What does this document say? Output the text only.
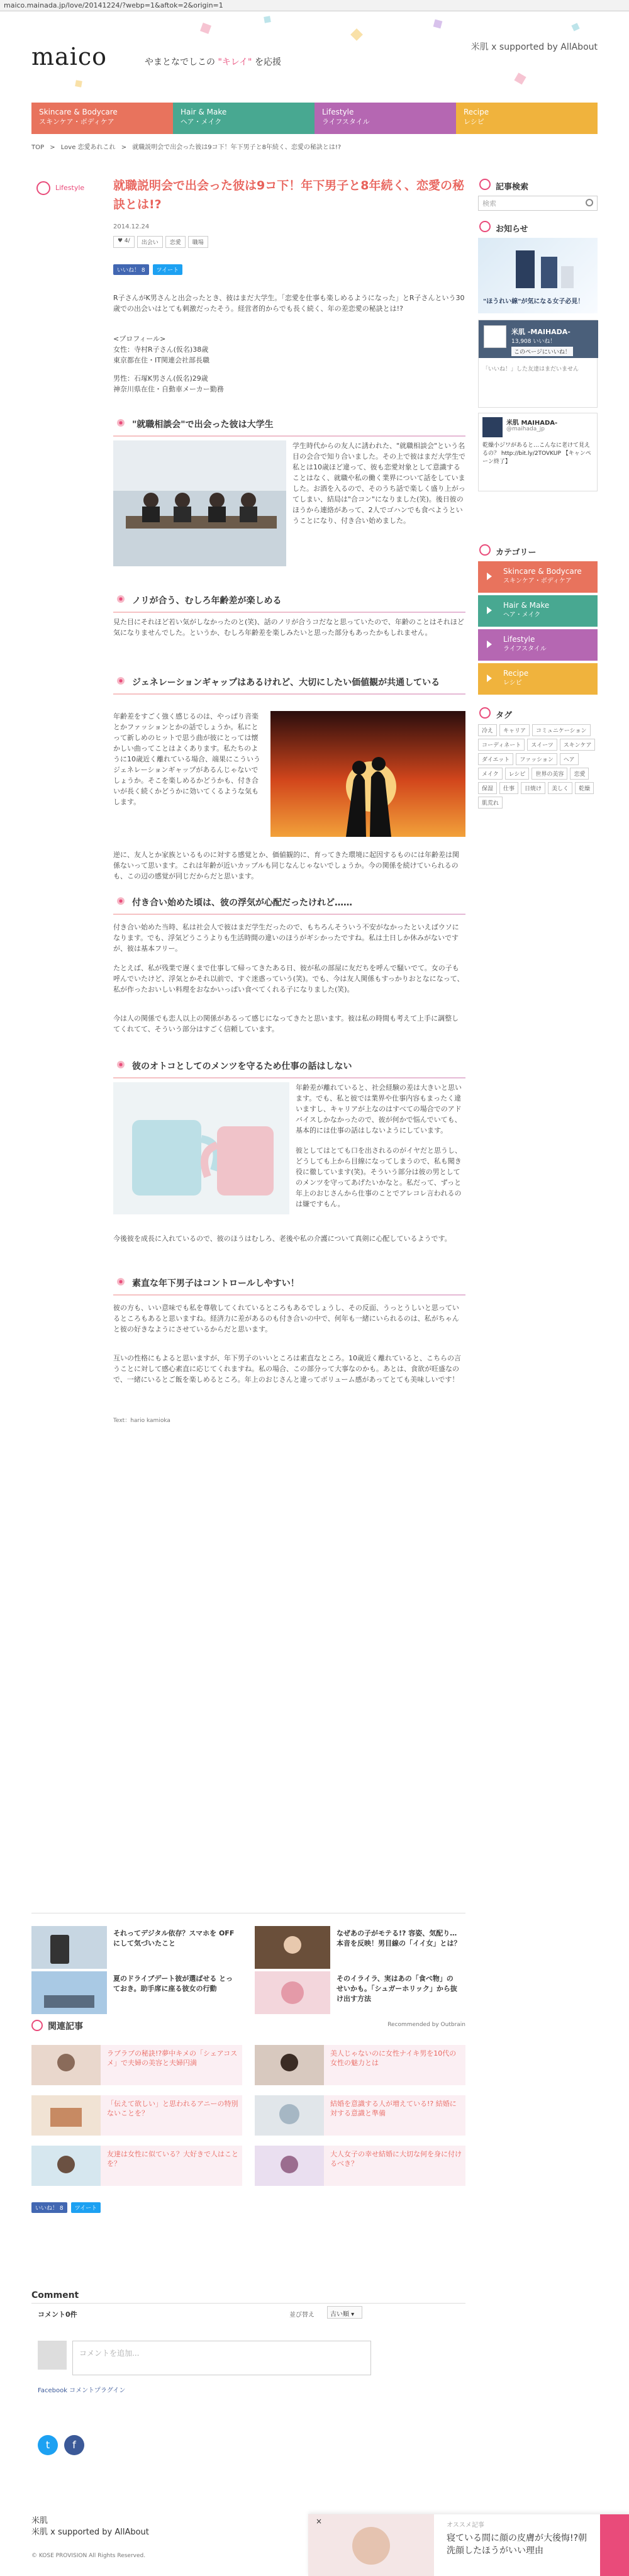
maico.mainada.jp/love/20141224/?webp=1&aftok=2&origin=1
maico	やまとなでしこの "キレイ" を応援
米肌 x supported by AllAbout
Skincare & Bodycare
スキンケア・ボディケア
Hair & Make
ヘア・メイク
Lifestyle
ライフスタイル
Recipe
レシピ
TOP > Love 恋愛あれこれ > 就職説明会で出会った彼は9コ下！年下男子と8年続く、恋愛の秘訣とは!?
Lifestyle 就職説明会で出会った彼は9コ下！年下男子と8年続く、恋愛の秘訣とは!?
2014.12.24
♥ 4/	出会い	恋愛	職場
いいね！ 8	ツイート
R子さんがK男さんと出会ったとき、彼はまだ大学生。「恋愛を仕事も楽しめるようになった」とR子さんという30歳での出会いはとても刺激だったそう。経営者的からでも長く続く、年の差恋愛の秘訣とは!?
<プロフィール>
女性：寺村R子さん(仮名)38歳
東京都在住・IT関連会社部長職
男性：石塚K男さん(仮名)29歳
神奈川県在住・自動車メーカー勤務
"就職相談会"で出会った彼は大学生
学生時代からの友人に誘われた、"就職相談会"という名目の会合で知り合いました。その上で彼はまだ大学生で私とは10歳ほど違って、彼も恋愛対象として意識することはなく、就職や私の働く業界について話をしていました。お酒を入るので、そのうち話で楽しく盛り上がってしまい、結局は"合コン"になりました(笑)。後日彼のほうから連絡があって、2人でゴハンでも食べようということになり、付き合い始めました。
ノリが合う、むしろ年齢差が楽しめる
見た目にそれほど若い気がしなかったのと(笑)、話のノリが合うコだなと思っていたので、年齢のことはそれほど気になりませんでした。というか、むしろ年齢差を楽しみたいと思った部分もあったかもしれません。
ジェネレーションギャップはあるけれど、大切にしたい価値観が共通している
年齢差をすごく強く感じるのは、やっぱり音楽とかファッションとかの話でしょうか。私にとって新しめのヒットで思う曲が彼にとっては懐かしい曲ってことはよくあります。私たちのように10歳近く離れている場合、端果にこういうジェネレーションギャップがあるんじゃないでしょうか。そこを楽しめるかどうかも、付き合いが長く続くかどうかに効いてくるような気もします。
逆に、友人とか家族といるものに対する感覚とか、価値観的に、育ってきた環境に起因するものには年齢差は関係ないって思います。これは年齢が近いカップルも同じなんじゃないでしょうか。今の関係を続けていられるのも、この辺の感覚が同じだからだと思います。
付き合い始めた頃は、彼の浮気が心配だったけれど……
付き合い始めた当時、私は社会人で彼はまだ学生だったので、もちろんそういう不安がなかったといえばウソになります。でも、浮気どうこうよりも生活時間の違いのほうがギシかったですね。私は土日しか休みがないですが、彼は基本フリー。
たとえば、私が残業で遅くまで仕事して帰ってきたある日、彼が私の部屋に友だちを呼んで騒いでて。女の子も呼んでいたけど、浮気とかそれ以前で、すぐ迷惑っていう(笑)。でも、今は友人関係もすっかりおとなになって、私が作ったおいしい料理をおなかいっぱい食べてくれる子になりました(笑)。
今は人の関係でも恋人以上の関係があるって感じになってきたと思います。彼は私の時間も考えて上手に調整してくれてて、そういう部分はすごく信頼しています。
彼のオトコとしてのメンツを守るため仕事の話はしない
年齢差が離れていると、社会経験の差は大きいと思います。でも、私と彼では業界や仕事内容もまったく違いますし、キャリアが上なのはすべての場合でのアドバイスしかなかったので、彼が何かで悩んでいても、基本的には仕事の話はしないようにしています。
彼としてはとても口を出されるのがイヤだと思うし、どうしても上から目線になってしまうので、私も聞き役に徹しています(笑)。そういう部分は彼の男としてのメンツを守ってあげたいかなと。私だって、ずっと年上のおじさんから仕事のことでアレコレ言われるのは嫌ですもん。
今後彼を成長に入れているので、彼のほうはむしろ、老後や私の介護について真剣に心配しているようです。
素直な年下男子はコントロールしやすい！
彼の方も、いい意味でも私を尊敬してくれているところもあるでしょうし、その反面、うっとうしいと思っているところもあると思いますね。経済力に差があるのも付き合いの中で、何年も一緒にいられるのは、私がちゃんと彼の好きなようにさせているからだと思います。
互いの性格にもよると思いますが、年下男子のいいところは素直なところ。10歳近く離れていると、こちらの言うことに対して感心素直に応じてくれますね。私の場合、この部分って大事なのかも。あとは、食欲が旺盛なので、一緒にいるとご飯を楽しめるところ。年上のおじさんと違ってボリューム感があってとても美味しいです！
Text：hario kamioka
記事検索
検索
お知らせ
"ほうれい線"が気になる女子必見！
米肌 -MAIHADA-
13,908 いいね！
このページにいいね！
「いいね！」した友達はまだいません
米肌 MAIHADA-
@maihada_jp
乾燥小ジワがあると…こんなに老けて見えるの？ http://bit.ly/2TOVKUP 【キャンペーン終了】
カテゴリー
Skincare & Bodycare
スキンケア・ボディケア
Hair & Make
ヘア・メイク
Lifestyle
ライフスタイル
Recipe
レシピ
タグ
冷え	キャリア	コミュニケーション
コーディネート	スイーツ	スキンケア
ダイエット	ファッション	ヘア
メイク	レシピ	世界の美容	恋愛
保湿	仕事	日焼け	美しく	乾燥
肌荒れ
それってデジタル依存？スマホを OFFにして気づいたこと
なぜあの子がモテる!? 容姿、気配り… 本音を反映！男目線の「イイ女」とは？
夏のドライブデート彼が選ばせる とっておき。助手席に座る彼女の行動
そのイライラ、実はあの「食べ物」の せいかも。「シュガーホリック」から抜け出す方法
Recommended by Outbrain
関連記事
ラブラブの秘訣!?夢中キメの「シェアコスメ」で夫婦の美容と夫婦円満
美人じゃないのに女性ナイキ男を10代の女性の魅力とは
「伝えて欲しい」と思われるアニーの特別ないことを？
結婚を意識する人が増えている!? 結婚に対する意識と準備
友達は女性に似ている？大好きで人はことを？
大人女子の幸せ結婚に大切な何を身に付けるべき？
いいね！ 8	ツイート
Comment
コメント0件	並び替え	古い順 ▾
コメントを追加...
Facebook コメントプラグイン
t	f
米肌
米肌 x supported by AllAbout
© KOSE PROVISION All Rights Reserved.
オススメ記事
寝ている間に顔の皮膚が大後悔!?朝洗顔したほうがいい理由
×
